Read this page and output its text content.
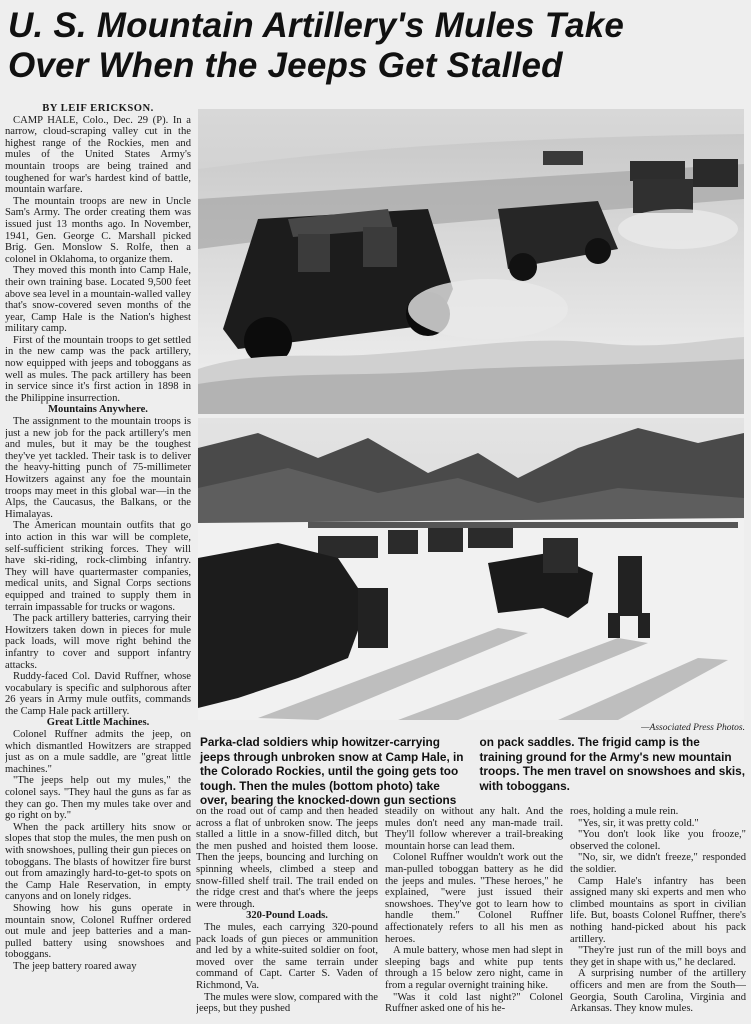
U. S. Mountain Artillery's Mules Take
Over When the Jeeps Get Stalled

BY LEIF ERICKSON.

CAMP HALE, Colo., Dec. 29 (P). In a narrow, cloud-scraping valley cut in the highest range of the Rockies, men and mules of the United States Army's mountain troops are being trained and toughened for war's hardest kind of battle, mountain warfare.

The mountain troops are new in Uncle Sam's Army. The order creating them was issued just 13 months ago. In November, 1941, Gen. George C. Marshall picked Brig. Gen. Monslow S. Rolfe, then a colonel in Oklahoma, to organize them.

They moved this month into Camp Hale, their own training base. Located 9,500 feet above sea level in a mountain-walled valley that's snow-covered seven months of the year, Camp Hale is the Nation's highest military camp.

First of the mountain troops to get settled in the new camp was the pack artillery, now equipped with jeeps and toboggans as well as mules. The pack artillery has been in service since it's first action in 1898 in the Philippine insurrection.

Mountains Anywhere.

The assignment to the mountain troops is just a new job for the pack artillery's men and mules, but it may be the toughest they've yet tackled. Their task is to deliver the heavy-hitting punch of 75-millimeter Howitzers against any foe the mountain troops may meet in this global war—in the Alps, the Caucasus, the Balkans, or the Himalayas.

The American mountain outfits that go into action in this war will be complete, self-sufficient striking forces. They will have ski-riding, rock-climbing infantry. They will have quartermaster companies, medical units, and Signal Corps sections equipped and trained to supply them in terrain impassable for trucks or wagons.

The pack artillery batteries, carrying their Howitzers taken down in pieces for mule pack loads, will move right behind the infantry to cover and support infantry attacks.

Ruddy-faced Col. David Ruffner, whose vocabulary is specific and sulphorous after 26 years in Army mule outfits, commands the Camp Hale pack artillery.

Great Little Machines.

Colonel Ruffner admits the jeep, on which dismantled Howitzers are strapped just as on a mule saddle, are "great little machines."

"The jeeps help out my mules," the colonel says. "They haul the guns as far as they can go. Then my mules take over and go right on by."

When the pack artillery hits snow or slopes that stop the mules, the men push on with snowshoes, pulling their gun pieces on toboggans. The blasts of howitzer fire burst out from amazingly hard-to-get-to spots on the Camp Hale Reservation, in empty canyons and on lonely ridges.

Showing how his guns operate in mountain snow, Colonel Ruffner ordered out mule and jeep batteries and a man-pulled battery using snowshoes and toboggans.

The jeep battery roared away

—Associated Press Photos.

Parka-clad soldiers whip howitzer-carrying jeeps through unbroken snow at Camp Hale, in the Colorado Rockies, until the going gets too tough. Then the mules (bottom photo) take over, bearing the knocked-down gun sections on pack saddles. The frigid camp is the training ground for the Army's new mountain troops. The men travel on snowshoes and skis, with toboggans.

on the road out of camp and then headed across a flat of unbroken snow. The jeeps stalled a little in a snow-filled ditch, but the men pushed and hoisted them loose. Then the jeeps, bouncing and lurching on spinning wheels, climbed a steep and snow-filled shelf trail. The trail ended on the ridge crest and that's where the jeeps were through.

320-Pound Loads.

The mules, each carrying 320-pound pack loads of gun pieces or ammunition and led by a white-suited soldier on foot, moved over the same terrain under command of Capt. Carter S. Vaden of Richmond, Va.

The mules were slow, compared with the jeeps, but they pushed

steadily on without any halt. And the mules don't need any man-made trail. They'll follow wherever a trail-breaking mountain horse can lead them.

Colonel Ruffner wouldn't work out the man-pulled toboggan battery as he did the jeeps and mules. "These heroes," he explained, "were just issued their snowshoes. They've got to learn how to handle them." Colonel Ruffner affectionately refers to all his men as heroes.

A mule battery, whose men had slept in sleeping bags and white pup tents through a 15 below zero night, came in from a regular overnight training hike.

"Was it cold last night?" Colonel Ruffner asked one of his he-

roes, holding a mule rein.

"Yes, sir, it was pretty cold."

"You don't look like you frooze," observed the colonel.

"No, sir, we didn't freeze," responded the soldier.

Camp Hale's infantry has been assigned many ski experts and men who climbed mountains as sport in civilian life. But, boasts Colonel Ruffner, there's nothing hand-picked about his pack artillery.

"They're just run of the mill boys and they get in shape with us," he declared.

A surprising number of the artillery officers and men are from the South—Georgia, South Carolina, Virginia and Arkansas. They know mules.
